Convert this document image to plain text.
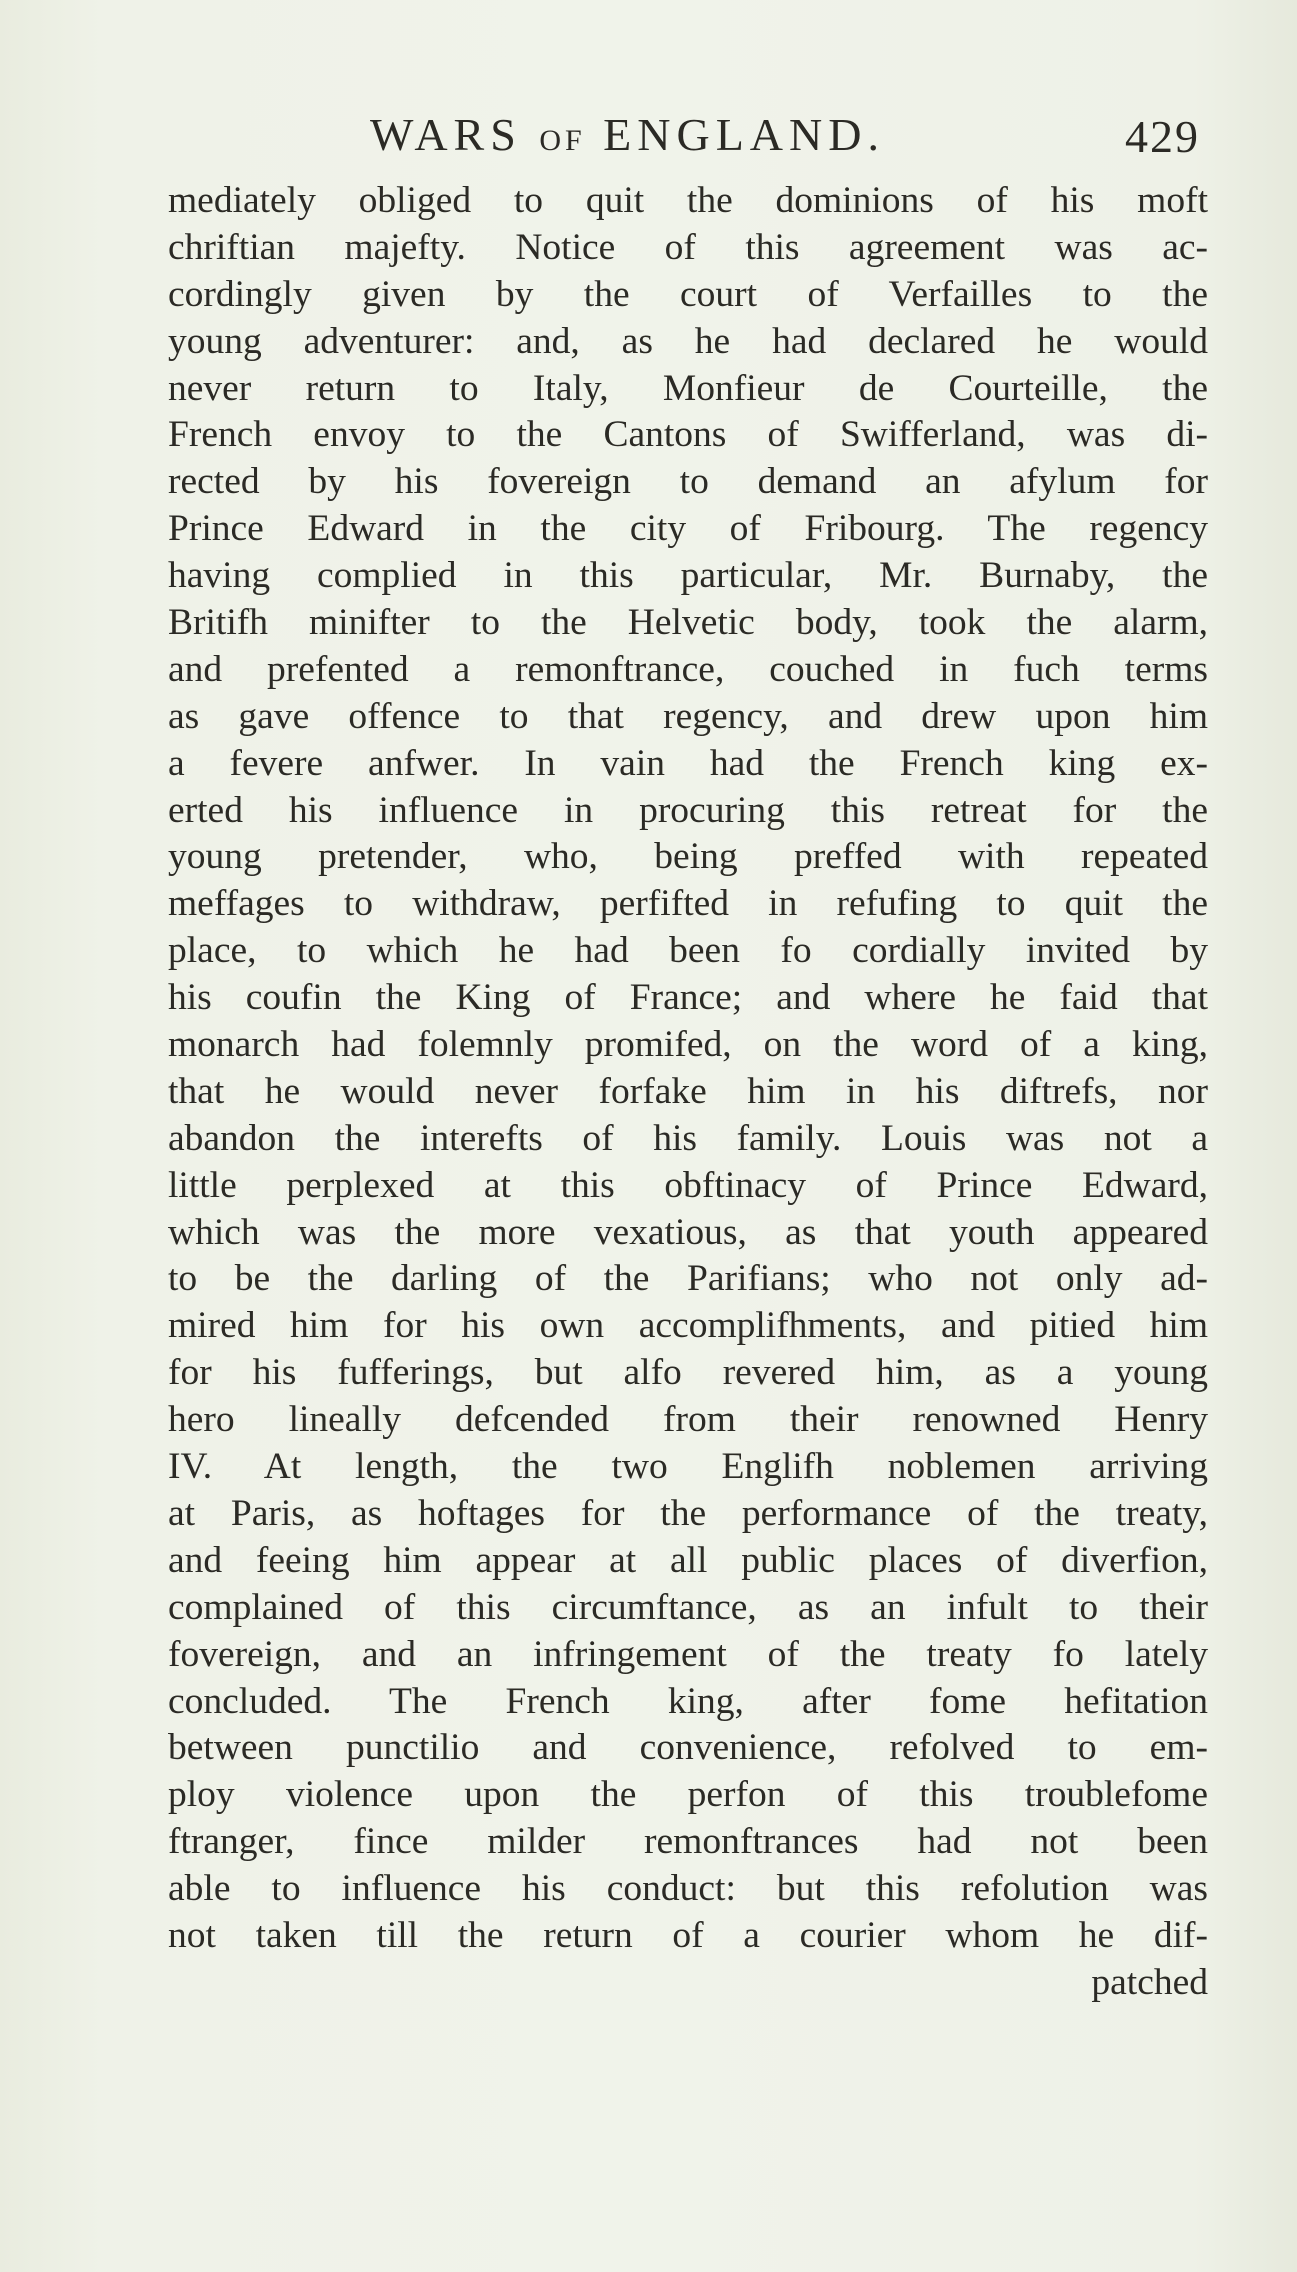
WARS OF ENGLAND.	429
mediately obliged to quit the dominions of his moft
chriftian majefty. Notice of this agreement was ac-
cordingly given by the court of Verfailles to the
young adventurer: and, as he had declared he would
never return to Italy, Monfieur de Courteille, the
French envoy to the Cantons of Swifferland, was di-
rected by his fovereign to demand an afylum for
Prince Edward in the city of Fribourg. The regency
having complied in this particular, Mr. Burnaby, the
Britifh minifter to the Helvetic body, took the alarm,
and prefented a remonftrance, couched in fuch terms
as gave offence to that regency, and drew upon him
a fevere anfwer. In vain had the French king ex-
erted his influence in procuring this retreat for the
young pretender, who, being preffed with repeated
meffages to withdraw, perfifted in refufing to quit the
place, to which he had been fo cordially invited by
his coufin the King of France; and where he faid that
monarch had folemnly promifed, on the word of a king,
that he would never forfake him in his diftrefs, nor
abandon the interefts of his family. Louis was not a
little perplexed at this obftinacy of Prince Edward,
which was the more vexatious, as that youth appeared
to be the darling of the Parifians; who not only ad-
mired him for his own accomplifhments, and pitied him
for his fufferings, but alfo revered him, as a young
hero lineally defcended from their renowned Henry
IV. At length, the two Englifh noblemen arriving
at Paris, as hoftages for the performance of the treaty,
and feeing him appear at all public places of diverfion,
complained of this circumftance, as an infult to their
fovereign, and an infringement of the treaty fo lately
concluded. The French king, after fome hefitation
between punctilio and convenience, refolved to em-
ploy violence upon the perfon of this troublefome
ftranger, fince milder remonftrances had not been
able to influence his conduct: but this refolution was
not taken till the return of a courier whom he dif-
patched
